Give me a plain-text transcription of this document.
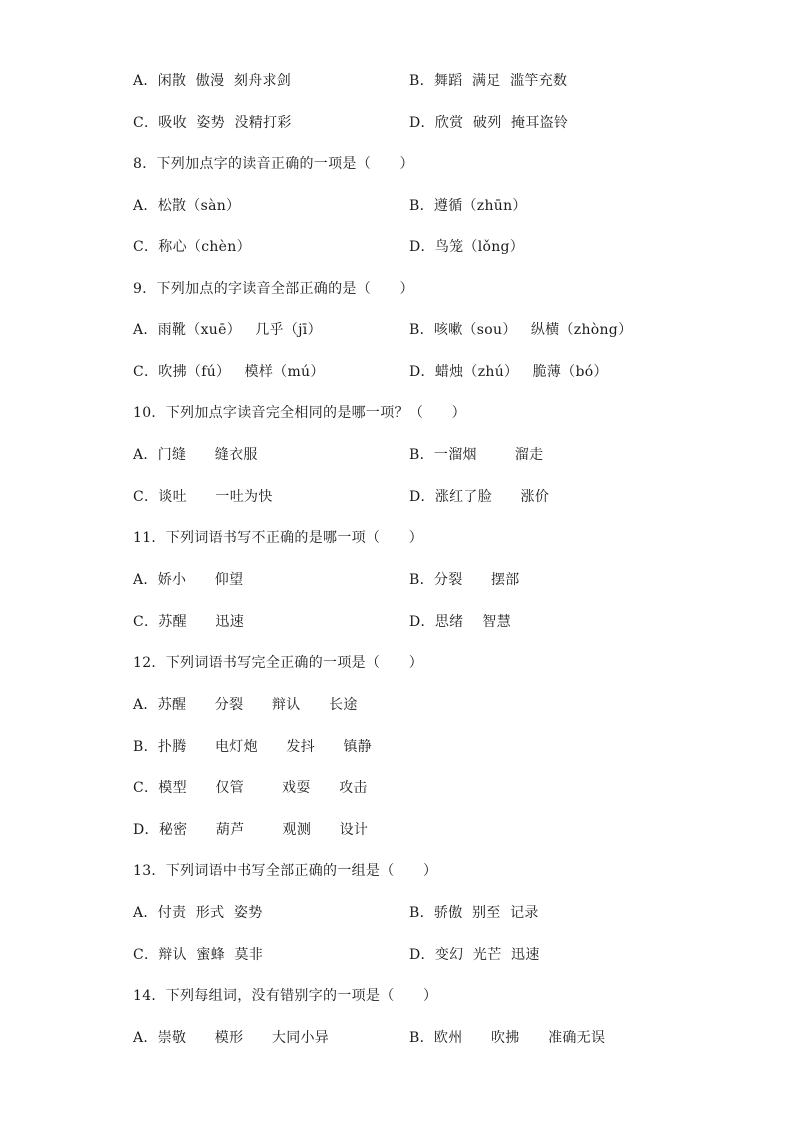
A．闲散  傲漫  刻舟求剑	B．舞蹈  满足  滥竽充数
C．吸收  姿势  没精打彩	D．欣赏  破列  掩耳盗铃
8．下列加点字的读音正确的一项是（      ）
A．松散（sàn）	B．遵循（zhūn）
C．称心（chèn）	D．鸟笼（lǒng）
9．下列加点的字读音全部正确的是（      ）
A．雨靴（xuē）   几乎（jī）	B．咳嗽（sou）   纵横（zhòng）
C．吹拂（fú）   模样（mú）	D．蜡烛（zhú）   脆薄（bó）
10．下列加点字读音完全相同的是哪一项？（      ）
A．门缝      缝衣服	B．一溜烟        溜走
C．谈吐      一吐为快	D．涨红了脸      涨价
11．下列词语书写不正确的是哪一项（      ）
A．娇小      仰望	B．分裂      摆部
C．苏醒      迅速	D．思绪    智慧
12．下列词语书写完全正确的一项是（      ）
A．苏醒      分裂      辩认      长途
B．扑腾      电灯炮      发抖      镇静
C．模型      仅管        戏耍      攻击
D．秘密      葫芦        观测      设计
13．下列词语中书写全部正确的一组是（      ）
A．付责  形式  姿势	B．骄傲  别至  记录
C．辩认  蜜蜂  莫非	D．变幻  光芒  迅速
14．下列每组词，没有错别字的一项是（      ）
A．崇敬      模形      大同小异	B．欧州      吹拂      准确无误
